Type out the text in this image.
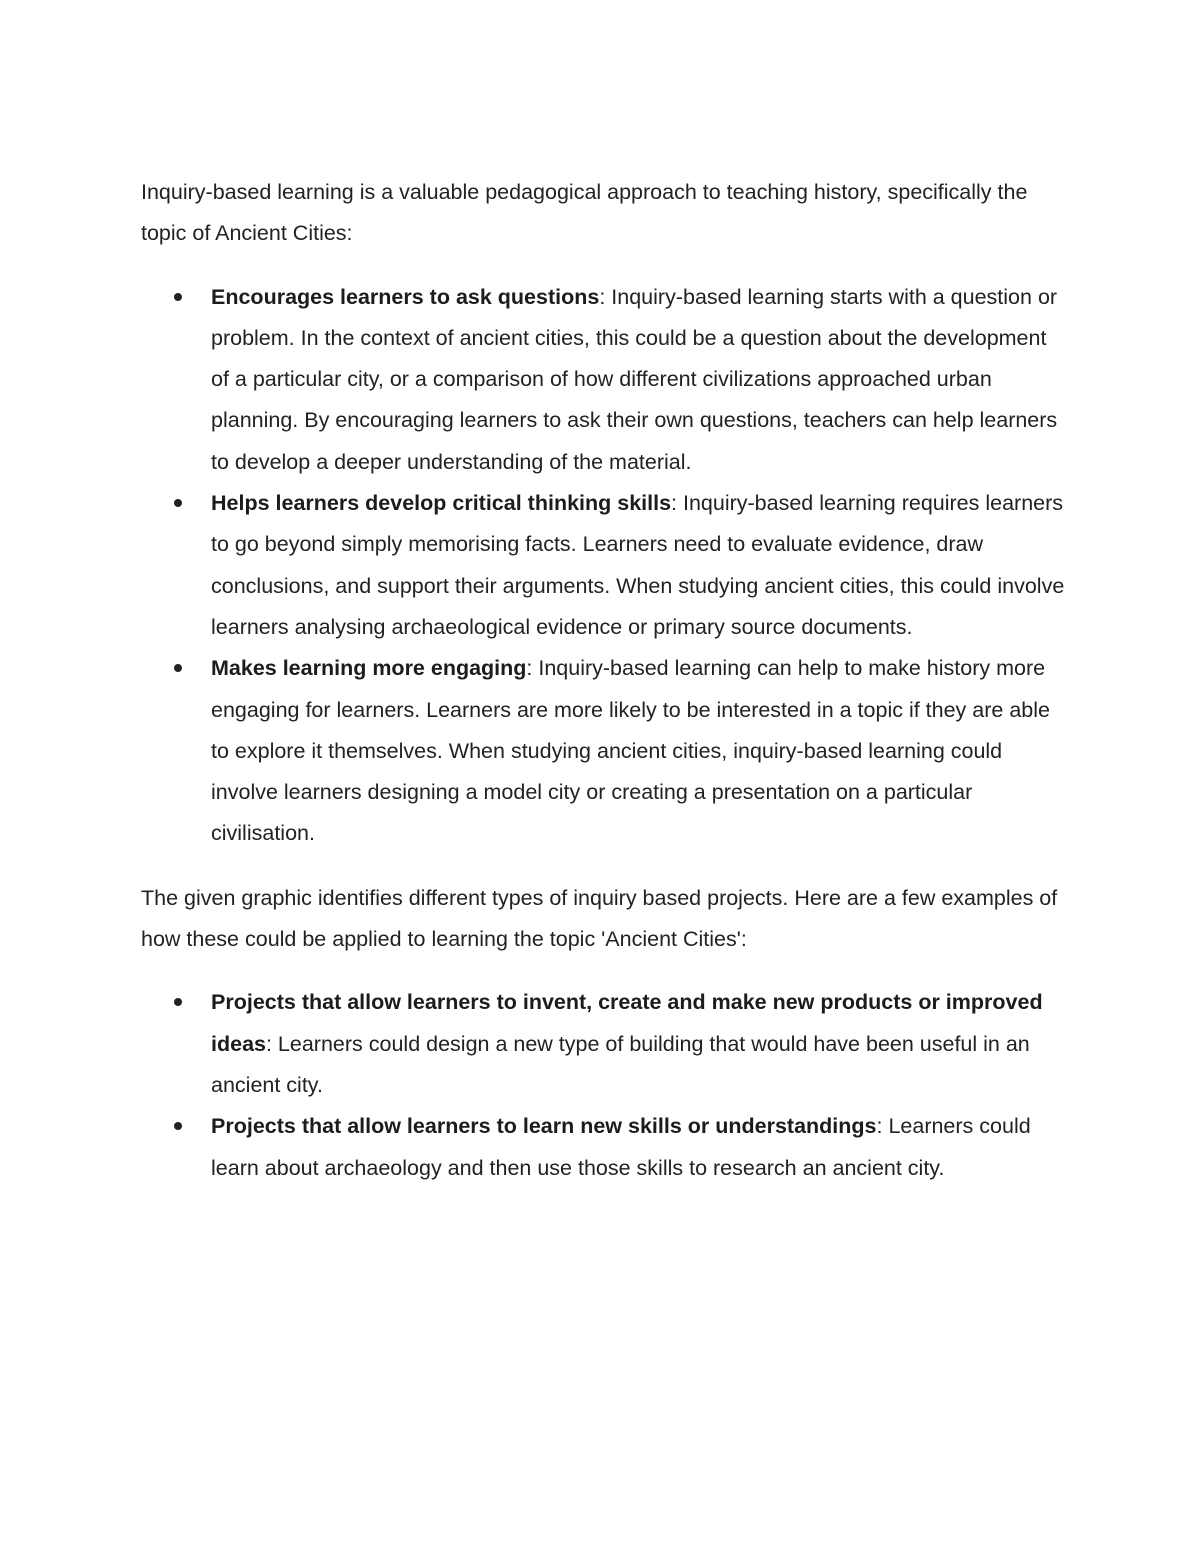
Inquiry-based learning is a valuable pedagogical approach to teaching history, specifically the topic of Ancient Cities:

Encourages learners to ask questions: Inquiry-based learning starts with a question or problem. In the context of ancient cities, this could be a question about the development of a particular city, or a comparison of how different civilizations approached urban planning. By encouraging learners to ask their own questions, teachers can help learners to develop a deeper understanding of the material.
Helps learners develop critical thinking skills: Inquiry-based learning requires learners to go beyond simply memorising facts. Learners need to evaluate evidence, draw conclusions, and support their arguments. When studying ancient cities, this could involve learners analysing archaeological evidence or primary source documents.
Makes learning more engaging: Inquiry-based learning can help to make history more engaging for learners. Learners are more likely to be interested in a topic if they are able to explore it themselves. When studying ancient cities, inquiry-based learning could involve learners designing a model city or creating a presentation on a particular civilisation.

The given graphic identifies different types of inquiry based projects. Here are a few examples of how these could be applied to learning the topic 'Ancient Cities':

Projects that allow learners to invent, create and make new products or improved ideas: Learners could design a new type of building that would have been useful in an ancient city.
Projects that allow learners to learn new skills or understandings: Learners could learn about archaeology and then use those skills to research an ancient city.
